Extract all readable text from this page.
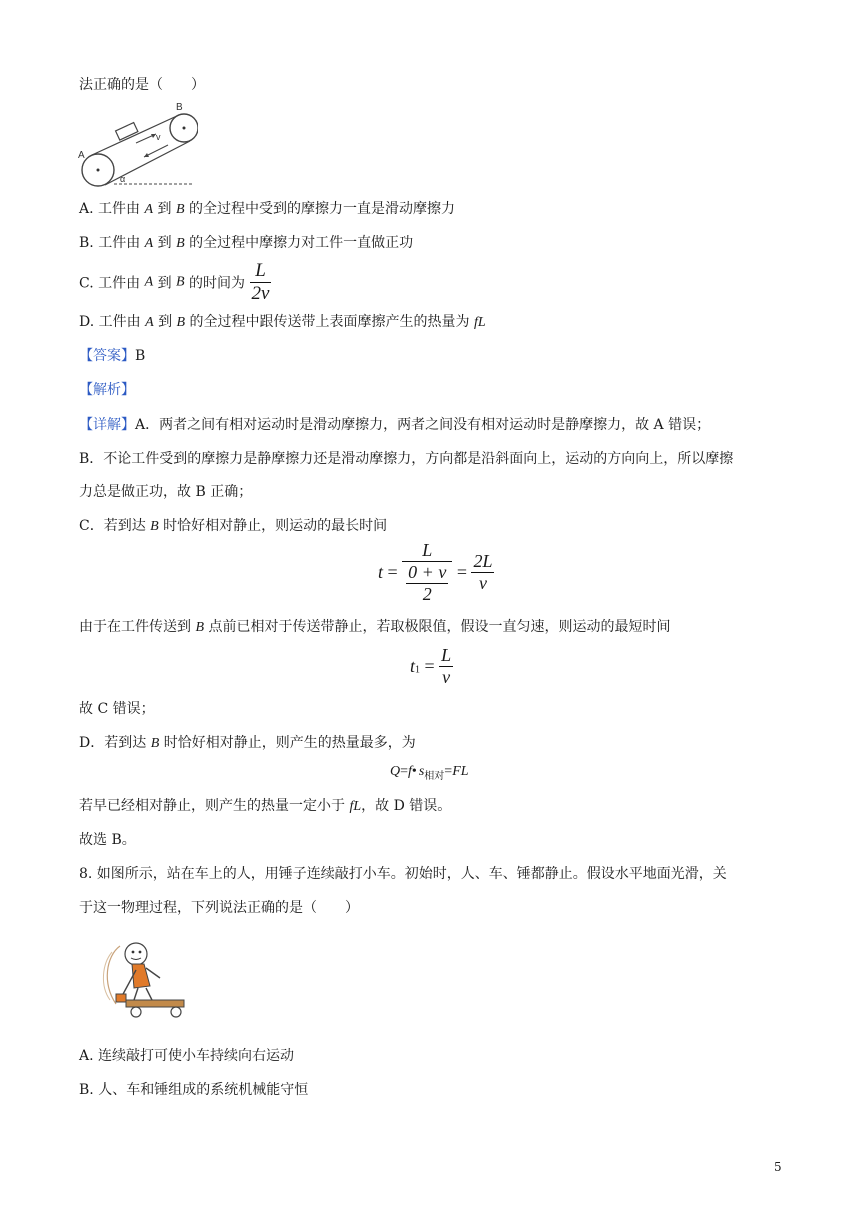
法正确的是（　　）
A
B
v
α
A. 工件由 A 到 B 的全过程中受到的摩擦力一直是滑动摩擦力
B. 工件由 A 到 B 的全过程中摩擦力对工件一直做正功
C. 工件由 A 到 B 的时间为 $\frac{L}{2v}$
D. 工件由 A 到 B 的全过程中跟传送带上表面摩擦产生的热量为 fL
【答案】B
【解析】
【详解】A．两者之间有相对运动时是滑动摩擦力，两者之间没有相对运动时是静摩擦力，故 A 错误；
B．不论工件受到的摩擦力是静摩擦力还是滑动摩擦力，方向都是沿斜面向上，运动的方向向上，所以摩擦
力总是做正功，故 B 正确；
C．若到达 B 时恰好相对静止，则运动的最长时间
$t = \frac{L}{\frac{0 + v}{2}} = \frac{2L}{v}$
由于在工件传送到 B 点前已相对于传送带静止，若取极限值，假设一直匀速，则运动的最短时间
$t_1 = \frac{L}{v}$
故 C 错误；
D．若到达 B 时恰好相对静止，则产生的热量最多，为
Q=f• $s_{相对}=FL$
若早已经相对静止，则产生的热量一定小于 fL，故 D 错误。
故选 B。
8. 如图所示，站在车上的人，用锤子连续敲打小车。初始时，人、车、锤都静止。假设水平地面光滑，关
于这一物理过程，下列说法正确的是（　　）
A. 连续敲打可使小车持续向右运动
B. 人、车和锤组成的系统机械能守恒
5
